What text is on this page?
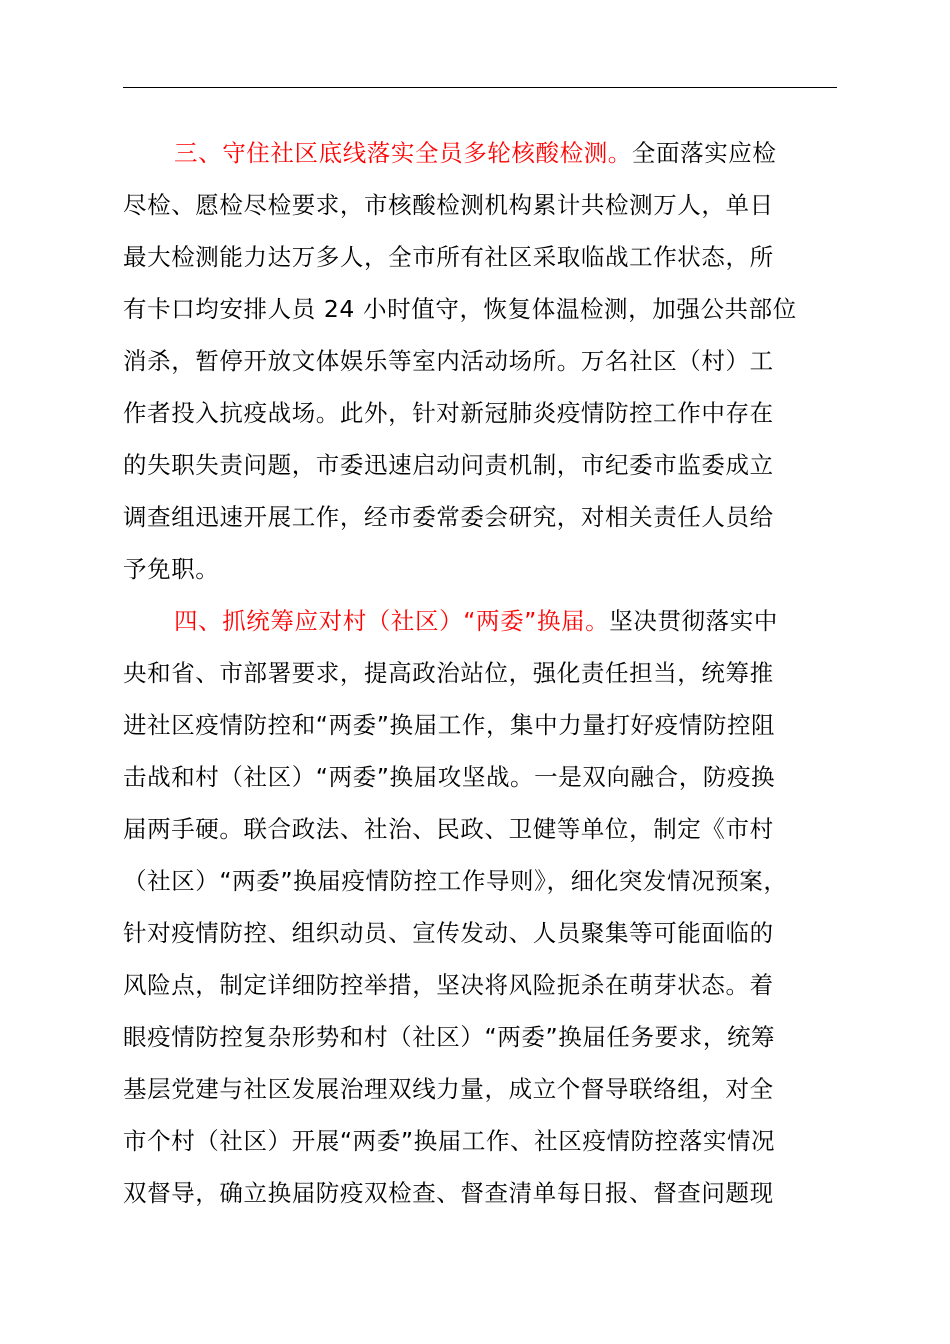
三、守住社区底线落实全员多轮核酸检测。全面落实应检
尽检、愿检尽检要求，市核酸检测机构累计共检测万人，单日
最大检测能力达万多人，全市所有社区采取临战工作状态，所
有卡口均安排人员 24 小时值守，恢复体温检测，加强公共部位
消杀，暂停开放文体娱乐等室内活动场所。万名社区（村）工
作者投入抗疫战场。此外，针对新冠肺炎疫情防控工作中存在
的失职失责问题，市委迅速启动问责机制，市纪委市监委成立
调查组迅速开展工作，经市委常委会研究，对相关责任人员给
予免职。
四、抓统筹应对村（社区）“两委”换届。坚决贯彻落实中
央和省、市部署要求，提高政治站位，强化责任担当，统筹推
进社区疫情防控和“两委”换届工作，集中力量打好疫情防控阻
击战和村（社区）“两委”换届攻坚战。一是双向融合，防疫换
届两手硬。联合政法、社治、民政、卫健等单位，制定《市村
（社区）“两委”换届疫情防控工作导则》，细化突发情况预案，
针对疫情防控、组织动员、宣传发动、人员聚集等可能面临的
风险点，制定详细防控举措，坚决将风险扼杀在萌芽状态。着
眼疫情防控复杂形势和村（社区）“两委”换届任务要求，统筹
基层党建与社区发展治理双线力量，成立个督导联络组，对全
市个村（社区）开展“两委”换届工作、社区疫情防控落实情况
双督导，确立换届防疫双检查、督查清单每日报、督查问题现
